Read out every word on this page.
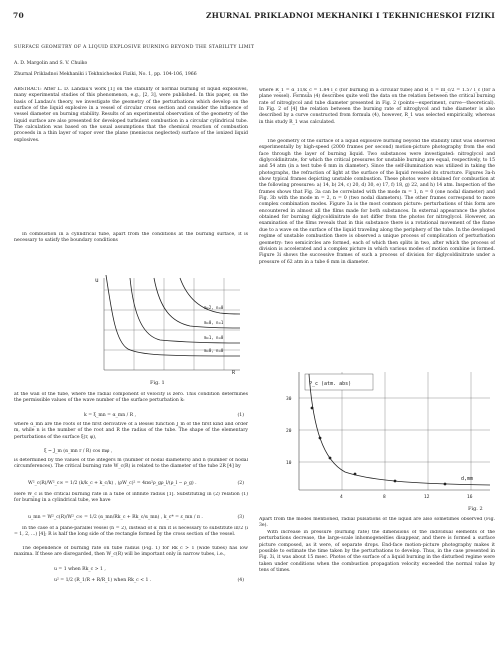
70	ZHURNAL PRIKLADNOI MEKHANIKI I TEKHNICHESKOI FIZIKI
SURFACE GEOMETRY OF A LIQUID EXPLOSIVE BURNING BEYOND THE STABILITY LIMIT
A. D. Margolin and S. V. Chuiko
Zhurnal Prikladnoi Mekhaniki i Tekhnicheskoi Fiziki, No. 1, pp. 104-106, 1966

ABSTRACT: After L. D. Landau's work [1] on the stability of normal burning of liquid explosives, many experimental studies of this phenomenon, e.g., [2, 3], were published. In this paper, on the basis of Landau's theory, we investigate the geometry of the perturbations which develop on the surface of the liquid explosive in a vessel of circular cross section and consider the influence of vessel diameter on burning stability. Results of an experimental observation of the geometry of the liquid surface are also presented for developed turbulent combustion in a circular cylindrical tube. The calculation was based on the usual assumptions that the chemical reaction of combustion proceeds in a thin layer of vapor over the plane (meniscus neglected) surface of the ionized liquid explosives.

In combustion in a cylindrical tube, apart from the conditions at the burning surface, it is necessary to satisfy the boundary conditions

u
R
m=0, n=0
m=1, n=0
m=0, n=1
m=2, n=0
Fig. 1

at the wall of the tube, where the radial component of velocity is zero. This condition determines the permissible values of the wave number of the surface perturbation k:

k = ξ_mn = α_mn / R ,	(1)

where α_mn are the roots of the first derivative of a Bessel function J_m of the first kind and order m, while n is the number of the root and R the radius of the tube. The shape of the elementary perturbations of the surface ξ(r, φ),

ξ ~ J_m (α_mn r / R) cos mφ ,

is determined by the values of the integers m (number of nodal diameters) and n (number of nodal circumferences). The critical burning rate W_c(R) is related to the diameter of the tube 2R [4] by

W²_c(R)/W²_c∞ = 1/2 (k/k_c + k_c/k) , (ρW_c)² = 4πα²ρ_gρ_l/(ρ_l − ρ_g) .	(2)

Here W_c is the critical burning rate in a tube of infinite radius [1]. Substituting in (2) relation (1) for burning in a cylindrical tube, we have

u_mn = W²_c(R)/W²_c∞ = 1/2 (α_mn/Rk_c + Rk_c/α_mn) , k_c* = ε_mn / π .	(3)

In the case of a plane-parallel vessel (n = 2), instead of α_mn it is necessary to substitute iπ/2 (i = 1, 2, ...) [4]; R is half the long side of the rectangle formed by the cross section of the vessel.

The dependence of burning rate on tube radius (Fig. 1) for Rk_c > 1 (wide tubes) has low maxima. If these are disregarded, then W_c(R) will be important only in narrow tubes, i.e.,

u = 1 when Rk_c > 1 ,
u² = 1/2 (R_1/R + R/R_1) when Rk_c < 1 .	(4)

where R_1 = α_11/k_c = 1.84 l_c (for burning in a circular tube) and R_1 = πl_c/2 = 1.57 l_c (for a plane vessel). Formula (4) describes quite well the data on the relation between the critical burning rate of nitroglycol and tube diameter presented in Fig. 2 (points—experiment, curve—theoretical). In Fig. 2 of [4] the relation between the burning rate of nitroglycol and tube diameter is also described by a curve constructed from formula (4), however, R_1 was selected empirically, whereas in this study R_1 was calculated.

The geometry of the surface of a liquid explosive burning beyond the stability limit was observed experimentally by high-speed (2000 frames per second) motion-picture photography from the end face through the layer of burning liquid. Two substances were investigated: nitroglycol and diglycoldinitrate, for which the critical pressures for unstable burning are equal, respectively, to 15 and 54 atm (in a test tube 6 mm in diameter). Since the self-illumination was utilized in taking the photographs, the refraction of light at the surface of the liquid revealed its structure. Figures 3a-h show typical frames depicting unstable combustion. These photos were obtained for combustion at the following pressures: a) 14, b) 24, c) 20, d) 30, e) 17, f) 18, g) 22, and h) 14 atm. Inspection of the frames shows that Fig. 3a can be correlated with the mode m = 1, n = 0 (one nodal diameter) and Fig. 3b with the mode m = 2, n = 0 (two nodal diameters). The other frames correspond to more complex combination modes. Figure 3a is the most common picture: perturbations of this form are encountered in almost all the films made for both substances. In external appearance the photos obtained for burning diglycoldinitrate do not differ from the photos for nitroglycol. However, an examination of the films reveals that in this substance there is a rotational movement of the flame due to a wave on the surface of the liquid traveling along the periphery of the tube. In the developed regime of unstable combustion there is observed a unique process of complication of perturbation geometry: two semicircles are formed, each of which then splits in two, after which the process of division is accelerated and a complex picture in which various modes of motion combine is formed. Figure 3i shows the successive frames of such a process of division for diglycoldinitrate under a pressure of 62 atm in a tube 6 mm in diameter.

P_c (atm. abs)
30
20
10
4	8	12	16
d,mm
Fig. 2

Apart from the modes mentioned, radial pulsations of the liquid are also sometimes observed (Fig. 3e).

With increase in pressure (burning rate) the dimensions of the individual elements of the perturbations decrease, the large-scale inhomogeneities disappear, and there is formed a surface picture composed, as it were, of separate drops. End-face motion-picture photography makes it possible to estimate the time taken by the perturbations to develop. Thus, in the case presented in Fig. 3i, it was about 15 msec. Photos of the surface of a liquid burning in the disturbed regime were taken under conditions when the combustion propagation velocity exceeded the normal value by tens of times.
